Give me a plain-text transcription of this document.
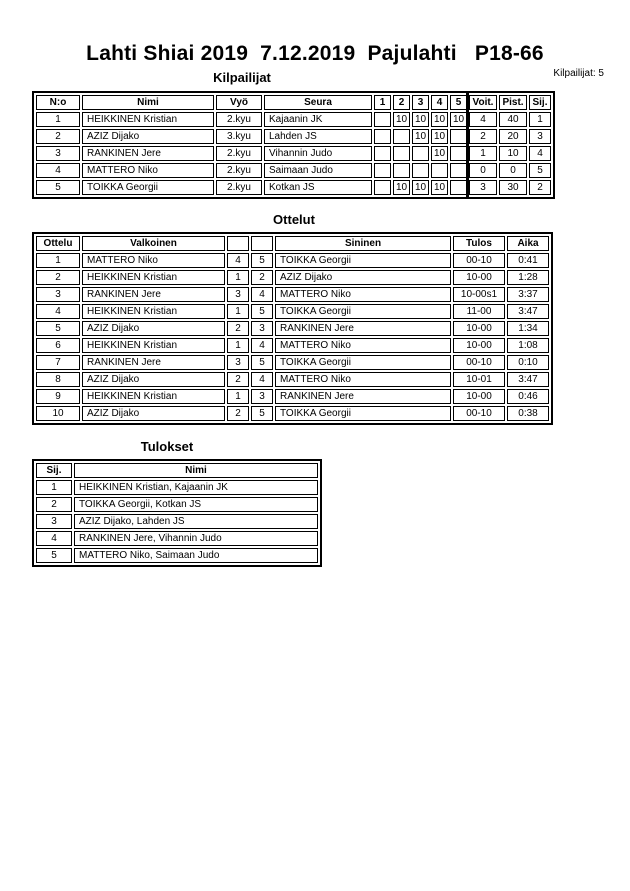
Lahti Shiai 2019  7.12.2019  Pajulahti   P18-66
Kilpailijat	Kilpailijat: 5
N:o	Nimi	Vyö	Seura	1	2	3	4	5	Voit.	Pist.	Sij.
1	HEIKKINEN Kristian	2.kyu	Kajaanin JK		10	10	10	10	4	40	1
2	AZIZ Dijako	3.kyu	Lahden JS			10	10		2	20	3
3	RANKINEN Jere	2.kyu	Vihannin Judo				10		1	10	4
4	MATTERO Niko	2.kyu	Saimaan Judo						0	0	5
5	TOIKKA Georgii	2.kyu	Kotkan JS		10	10	10		3	30	2
Ottelut
Ottelu	Valkoinen			Sininen	Tulos	Aika
1	MATTERO Niko	4	5	TOIKKA Georgii	00-10	0:41
2	HEIKKINEN Kristian	1	2	AZIZ Dijako	10-00	1:28
3	RANKINEN Jere	3	4	MATTERO Niko	10-00s1	3:37
4	HEIKKINEN Kristian	1	5	TOIKKA Georgii	11-00	3:47
5	AZIZ Dijako	2	3	RANKINEN Jere	10-00	1:34
6	HEIKKINEN Kristian	1	4	MATTERO Niko	10-00	1:08
7	RANKINEN Jere	3	5	TOIKKA Georgii	00-10	0:10
8	AZIZ Dijako	2	4	MATTERO Niko	10-01	3:47
9	HEIKKINEN Kristian	1	3	RANKINEN Jere	10-00	0:46
10	AZIZ Dijako	2	5	TOIKKA Georgii	00-10	0:38
Tulokset
Sij.	Nimi
1	HEIKKINEN Kristian, Kajaanin JK
2	TOIKKA Georgii, Kotkan JS
3	AZIZ Dijako, Lahden JS
4	RANKINEN Jere, Vihannin Judo
5	MATTERO Niko, Saimaan Judo
